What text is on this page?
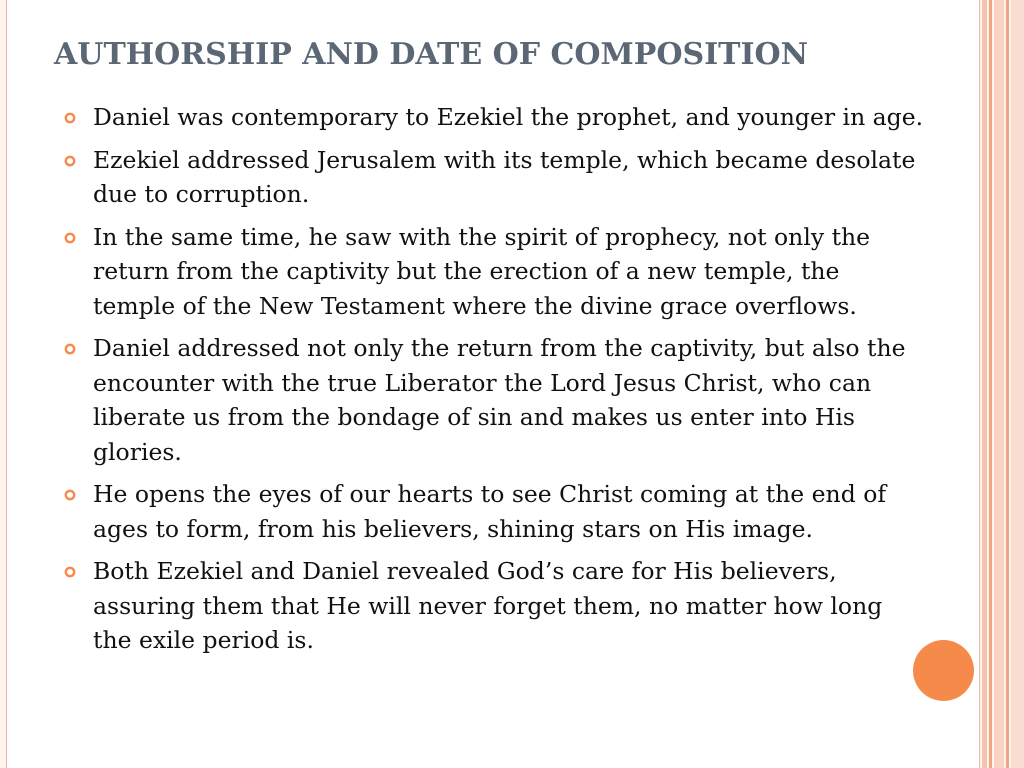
AUTHORSHIP AND DATE OF COMPOSITION
Daniel was contemporary to Ezekiel the prophet, and younger in age.
Ezekiel addressed Jerusalem with its temple, which became desolate due to corruption.
In the same time, he saw with the spirit of prophecy, not only the return from the captivity but the erection of a new temple, the temple of the New Testament where the divine grace overflows.
Daniel addressed not only the return from the captivity, but also the encounter with the true Liberator the Lord Jesus Christ, who can liberate us from the bondage of sin and makes us enter into His glories.
He opens the eyes of our hearts to see Christ coming at the end of ages to form, from his believers, shining stars on His image.
Both Ezekiel and Daniel revealed God’s care for His believers, assuring them that He will never forget them, no matter how long the exile period is.
